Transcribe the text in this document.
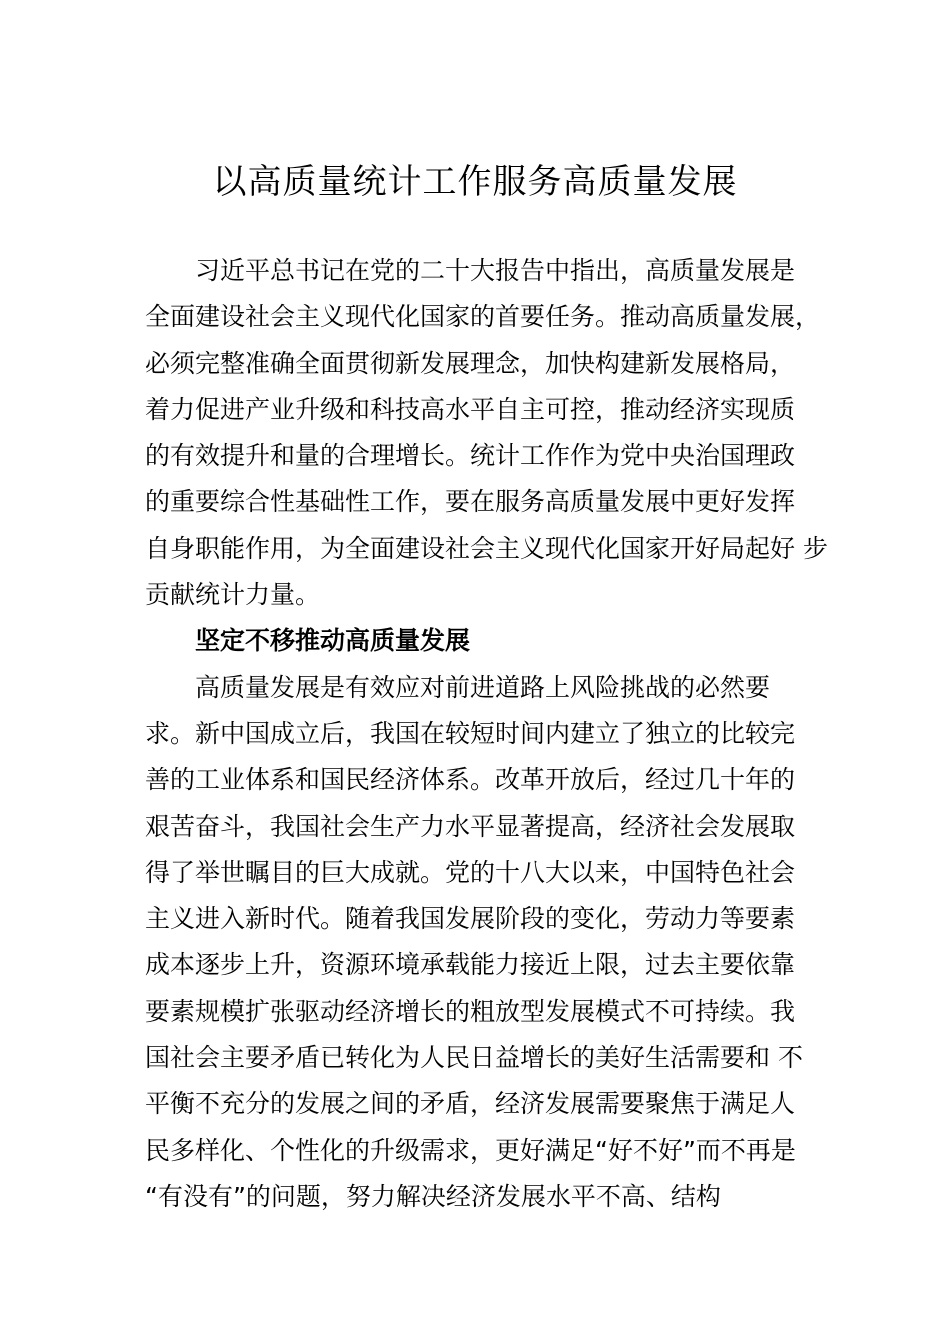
以高质量统计工作服务高质量发展
习近平总书记在党的二十大报告中指出，高质量发展是
全面建设社会主义现代化国家的首要任务。推动高质量发展，
必须完整准确全面贯彻新发展理念，加快构建新发展格局，
着力促进产业升级和科技高水平自主可控，推动经济实现质
的有效提升和量的合理增长。统计工作作为党中央治国理政
的重要综合性基础性工作，要在服务高质量发展中更好发挥
自身职能作用，为全面建设社会主义现代化国家开好局起好 步
贡献统计力量。
坚定不移推动高质量发展
高质量发展是有效应对前进道路上风险挑战的必然要
求。新中国成立后，我国在较短时间内建立了独立的比较完
善的工业体系和国民经济体系。改革开放后，经过几十年的
艰苦奋斗，我国社会生产力水平显著提高，经济社会发展取
得了举世瞩目的巨大成就。党的十八大以来，中国特色社会
主义进入新时代。随着我国发展阶段的变化，劳动力等要素
成本逐步上升，资源环境承载能力接近上限，过去主要依靠
要素规模扩张驱动经济增长的粗放型发展模式不可持续。我
国社会主要矛盾已转化为人民日益增长的美好生活需要和 不
平衡不充分的发展之间的矛盾，经济发展需要聚焦于满足人
民多样化、个性化的升级需求，更好满足“好不好”而不再是
“有没有”的问题，努力解决经济发展水平不高、结构
